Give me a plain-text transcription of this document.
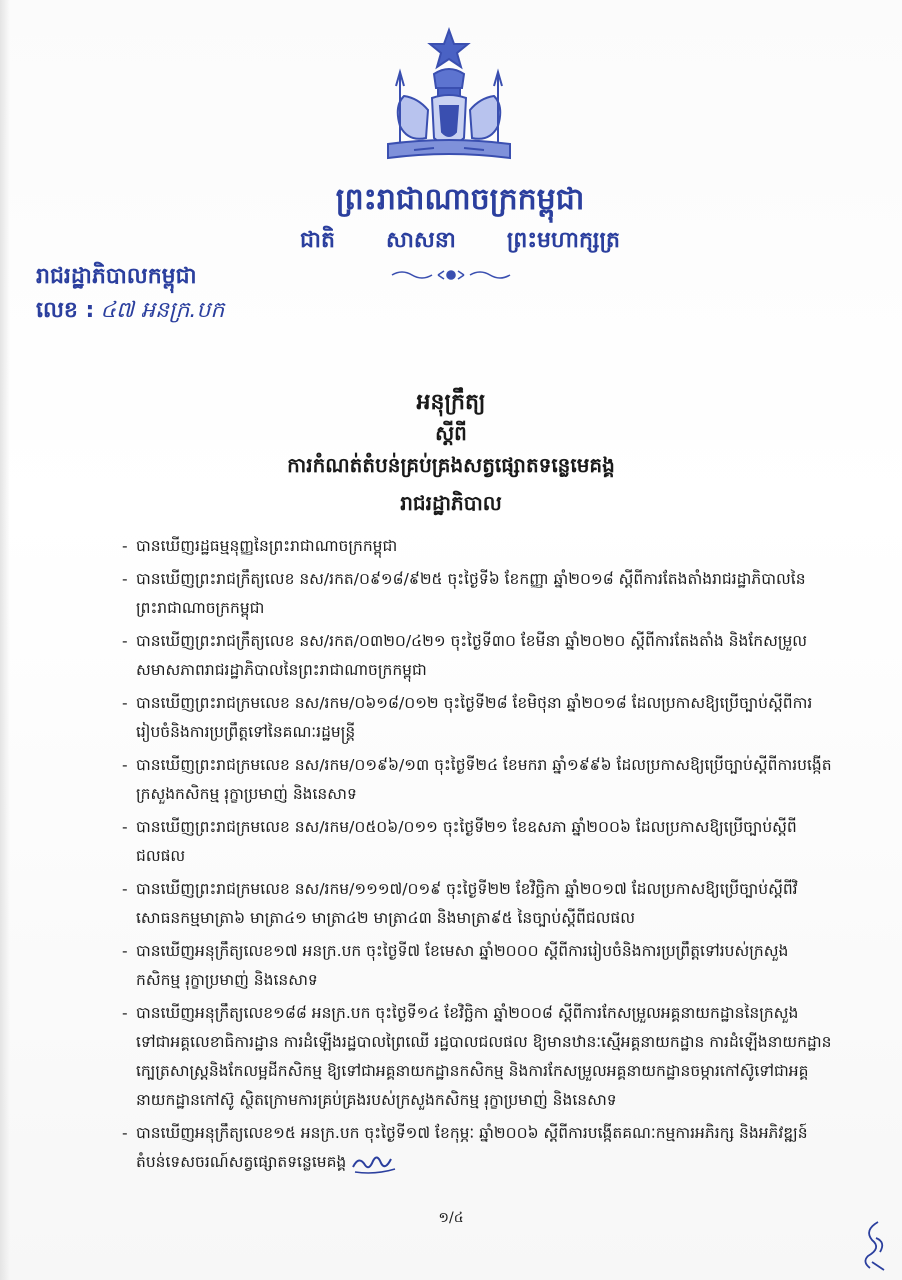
ព្រះរាជាណាចក្រកម្ពុជា
ជាតិ សាសនា ព្រះមហាក្សត្រ
រាជរដ្ឋាភិបាលកម្ពុជា
លេខ : ៤៧ អនក្រ.បក
អនុក្រឹត្យ
ស្តីពី
ការកំណត់តំបន់គ្រប់គ្រងសត្វផ្សោតទន្លេមេគង្គ
រាជរដ្ឋាភិបាល
- បានឃើញរដ្ឋធម្មនុញ្ញនៃព្រះរាជាណាចក្រកម្ពុជា
- បានឃើញព្រះរាជក្រឹត្យលេខ នស/រកត/០៩១៨/៩២៥ ចុះថ្ងៃទី៦ ខែកញ្ញា ឆ្នាំ២០១៨ ស្តីពីការតែងតាំងរាជរដ្ឋាភិបាលនៃព្រះរាជាណាចក្រកម្ពុជា
- បានឃើញព្រះរាជក្រឹត្យលេខ នស/រកត/០៣២០/៤២១ ចុះថ្ងៃទី៣០ ខែមីនា ឆ្នាំ២០២០ ស្តីពីការតែងតាំង និងកែសម្រួលសមាសភាពរាជរដ្ឋាភិបាលនៃព្រះរាជាណាចក្រកម្ពុជា
- បានឃើញព្រះរាជក្រមលេខ នស/រកម/០៦១៨/០១២ ចុះថ្ងៃទី២៨ ខែមិថុនា ឆ្នាំ២០១៨ ដែលប្រកាសឱ្យប្រើច្បាប់ស្តីពីការរៀបចំនិងការប្រព្រឹត្តទៅនៃគណៈរដ្ឋមន្ត្រី
- បានឃើញព្រះរាជក្រមលេខ នស/រកម/០១៩៦/១៣ ចុះថ្ងៃទី២៤ ខែមករា ឆ្នាំ១៩៩៦ ដែលប្រកាសឱ្យប្រើច្បាប់ស្តីពីការបង្កើតក្រសួងកសិកម្ម រុក្ខាប្រមាញ់ និងនេសាទ
- បានឃើញព្រះរាជក្រមលេខ នស/រកម/០៥០៦/០១១ ចុះថ្ងៃទី២១ ខែឧសភា ឆ្នាំ២០០៦ ដែលប្រកាសឱ្យប្រើច្បាប់ស្តីពីជលផល
- បានឃើញព្រះរាជក្រមលេខ នស/រកម/១១១៧/០១៩ ចុះថ្ងៃទី២២ ខែវិច្ឆិកា ឆ្នាំ២០១៧ ដែលប្រកាសឱ្យប្រើច្បាប់ស្តីពីវិសោធនកម្មមាត្រា៦ មាត្រា៤១ មាត្រា៤២ មាត្រា៤៣ និងមាត្រា៩៥ នៃច្បាប់ស្តីពីជលផល
- បានឃើញអនុក្រឹត្យលេខ១៧ អនក្រ.បក ចុះថ្ងៃទី៧ ខែមេសា ឆ្នាំ២០០០ ស្តីពីការរៀបចំនិងការប្រព្រឹត្តទៅរបស់ក្រសួងកសិកម្ម រុក្ខាប្រមាញ់ និងនេសាទ
- បានឃើញអនុក្រឹត្យលេខ១៨៨ អនក្រ.បក ចុះថ្ងៃទី១៤ ខែវិច្ឆិកា ឆ្នាំ២០០៨ ស្តីពីការកែសម្រួលអគ្គនាយកដ្ឋាននៃក្រសួងទៅជាអគ្គលេខាធិការដ្ឋាន ការដំឡើងរដ្ឋបាលព្រៃឈើ រដ្ឋបាលជលផល ឱ្យមានឋានៈស្មើអគ្គនាយកដ្ឋាន ការដំឡើងនាយកដ្ឋានក្បេត្រសាស្ត្រនិងកែលម្អដីកសិកម្ម ឱ្យទៅជាអគ្គនាយកដ្ឋានកសិកម្ម និងការកែសម្រួលអគ្គនាយកដ្ឋានចម្ការកៅស៊ូទៅជាអគ្គនាយកដ្ឋានកៅស៊ូ ស្ថិតក្រោមការគ្រប់គ្រងរបស់ក្រសួងកសិកម្ម រុក្ខាប្រមាញ់ និងនេសាទ
- បានឃើញអនុក្រឹត្យលេខ១៥ អនក្រ.បក ចុះថ្ងៃទី១៧ ខែកុម្ភៈ ឆ្នាំ២០០៦ ស្តីពីការបង្កើតគណៈកម្មការអភិរក្ស និងអភិវឌ្ឍន៍តំបន់ទេសចរណ៍សត្វផ្សោតទន្លេមេគង្គ
១/៤
